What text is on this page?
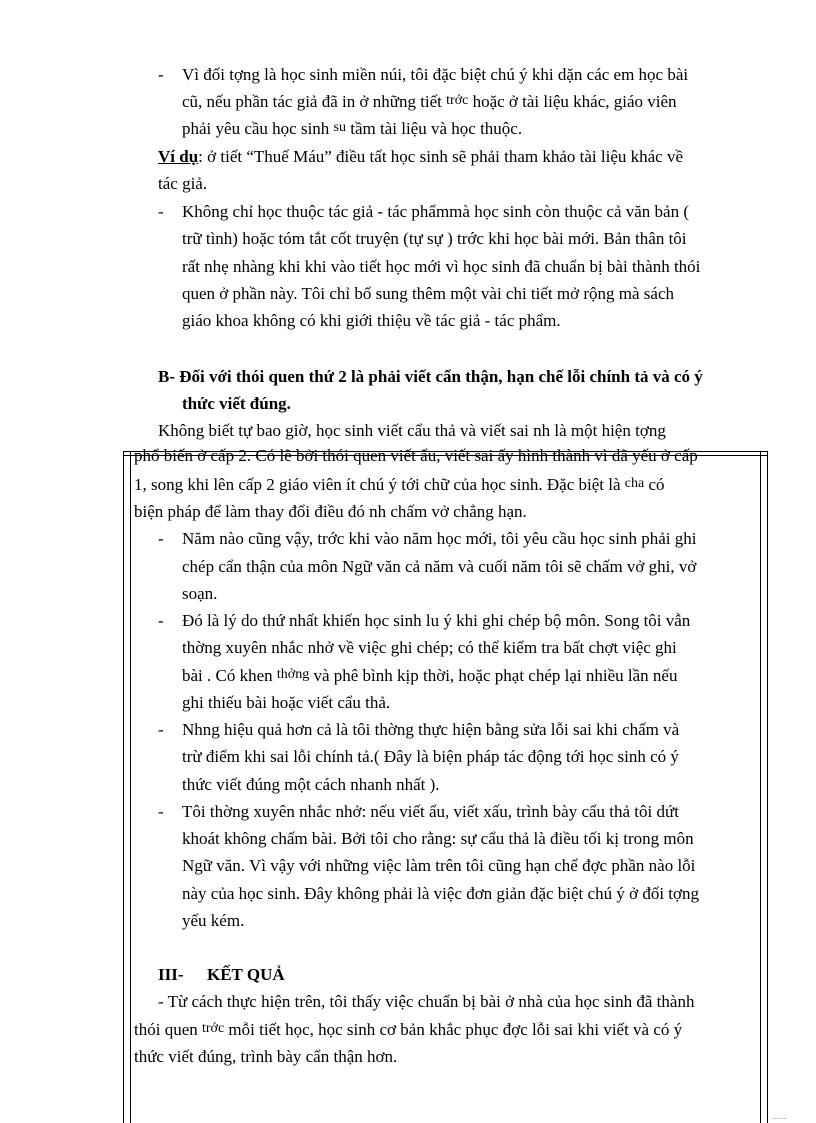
- Vì đối tợng là học sinh miền núi, tôi đặc biệt chú ý khi dặn các em học bài
cũ, nếu phần tác giả đã in ở những tiết trớc hoặc ở tài liệu khác, giáo viên
phải yêu cầu học sinh su tầm tài liệu và học thuộc.
Ví dụ: ở tiết “Thuế Máu” điều tất học sinh sẽ phải tham khảo tài liệu khác về
tác giả.
- Không chỉ học thuộc tác giả - tác phẩmmà học sinh còn thuộc cả văn bản (
trữ tình) hoặc tóm tắt cốt truyện (tự sự ) trớc khi học bài mới. Bản thân tôi
rất nhẹ nhàng khi khi vào tiết học mới vì học sinh đã chuẩn bị bài thành thói
quen ở phần này. Tôi chỉ bổ sung thêm một vài chi tiết mở rộng mà sách
giáo khoa không có khi giới thiệu về tác giả - tác phẩm.
B- Đối với thói quen thứ 2 là phải viết cẩn thận, hạn chế lỗi chính tả và có ý
thức viết đúng.
Không biết tự bao giờ, học sinh viết cẩu thả và viết sai nh là một hiện tợng
phổ biến ở cấp 2. Có lẽ bởi thói quen viết ẩu, viết sai ấy hình thành vì đã yếu ở cấp
1, song khi lên cấp 2 giáo viên ít chú ý tới chữ của học sinh. Đặc biệt là cha có
biện pháp để làm thay đổi điều đó nh chấm vở chẳng hạn.
- Năm nào cũng vậy, trớc khi vào năm học mới, tôi yêu cầu học sinh phải ghi
chép cẩn thận của môn Ngữ văn cả năm và cuối năm tôi sẽ chấm vở ghi, vở
soạn.
- Đó là lý do thứ nhất khiến học sinh lu ý khi ghi chép bộ môn. Song tôi vẫn
thờng xuyên nhắc nhở về việc ghi chép; có thể kiểm tra bất chợt việc ghi
bài . Có khen thởng và phê bình kịp thời, hoặc phạt chép lại nhiều lần nếu
ghi thiếu bài hoặc viết cẩu thả.
- Nhng hiệu quả hơn cả là tôi thờng thực hiện bằng sửa lỗi sai khi chấm và
trừ điểm khi sai lỗi chính tả.( Đây là biện pháp tác động tới học sinh có ý
thức viết đúng một cách nhanh nhất ).
- Tôi thờng xuyên nhắc nhở: nếu viết ẩu, viết xấu, trình bày cẩu thả tôi dứt
khoát không chấm bài. Bởi tôi cho rằng: sự cẩu thả là điều tối kị trong môn
Ngữ văn. Vì vậy với những việc làm trên tôi cũng hạn chế đợc phần nào lỗi
này của học sinh. Đây không phải là việc đơn giản đặc biệt chú ý ở đối tợng
yếu kém.
III- KẾT QUẢ
- Từ cách thực hiện trên, tôi thấy việc chuẩn bị bài ở nhà của học sinh đã thành
thói quen trớc mỗi tiết học, học sinh cơ bản khắc phục đợc lỗi sai khi viết và có ý
thức viết đúng, trình bày cẩn thận hơn.
.....
